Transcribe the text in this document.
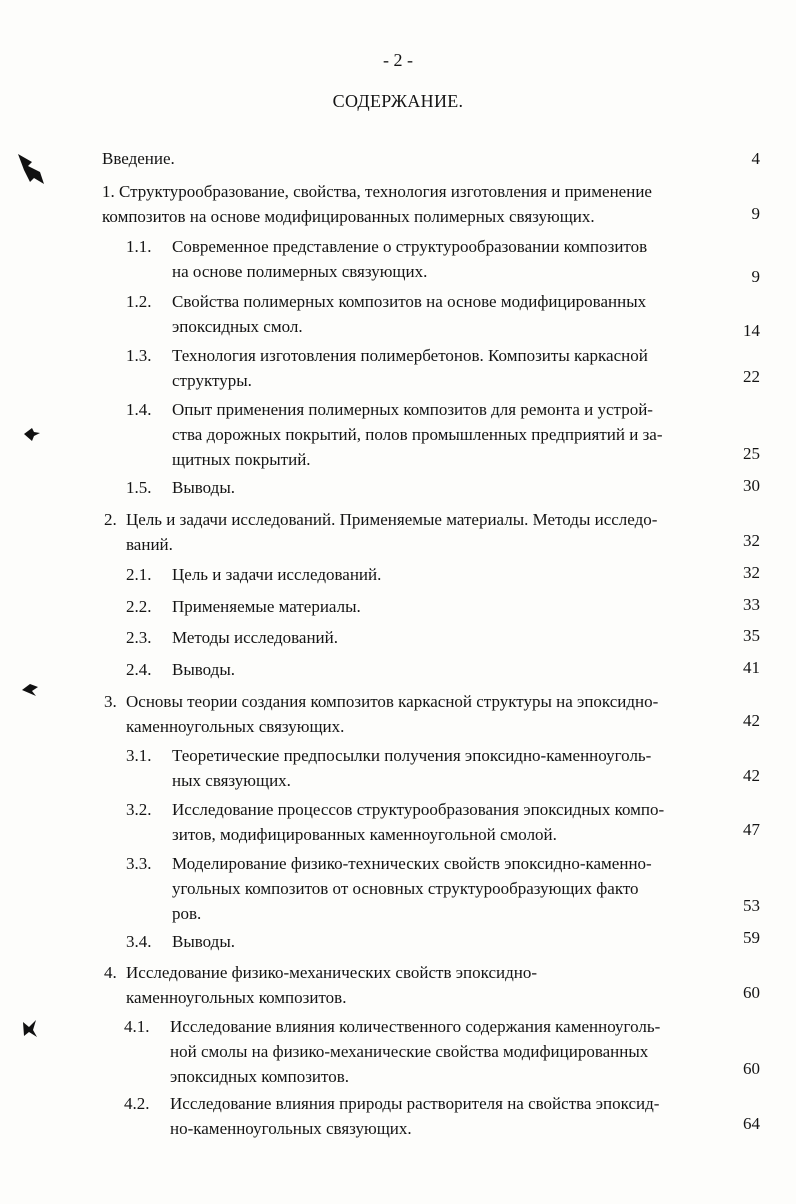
- 2 -
СОДЕРЖАНИЕ.
Введение.	4
1. Структурообразование, свойства, технология изготовления и применение
композитов на основе модифицированных полимерных связующих.	9
1.1.	Современное представление о структурообразовании композитов
на основе полимерных связующих.	9
1.2.	Свойства полимерных композитов на основе модифицированных
эпоксидных смол.	14
1.3.	Технология изготовления полимербетонов. Композиты каркасной
структуры.	22
1.4.	Опыт применения полимерных композитов для ремонта и устрой-
ства дорожных покрытий, полов промышленных предприятий и за-
щитных покрытий.	25
1.5.	Выводы.	30
2. Цель и задачи исследований. Применяемые материалы. Методы исследо-
ваний.	32
2.1.	Цель и задачи исследований.	32
2.2.	Применяемые материалы.	33
2.3.	Методы исследований.	35
2.4.	Выводы.	41
3. Основы теории создания композитов каркасной структуры на эпоксидно-
каменноугольных связующих.	42
3.1.	Теоретические предпосылки получения эпоксидно-каменноуголь-
ных связующих.	42
3.2.	Исследование процессов структурообразования эпоксидных компо-
зитов, модифицированных каменноугольной смолой.	47
3.3.	Моделирование физико-технических свойств эпоксидно-каменно-
угольных композитов от основных структурообразующих факто
ров.	53
3.4.	Выводы.	59
4. Исследование физико-механических свойств эпоксидно-
каменноугольных композитов.	60
4.1.	Исследование влияния количественного содержания каменноуголь-
ной смолы на физико-механические свойства модифицированных
эпоксидных композитов.	60
4.2.	Исследование влияния природы растворителя на свойства эпоксид-
но-каменноугольных связующих.	64
